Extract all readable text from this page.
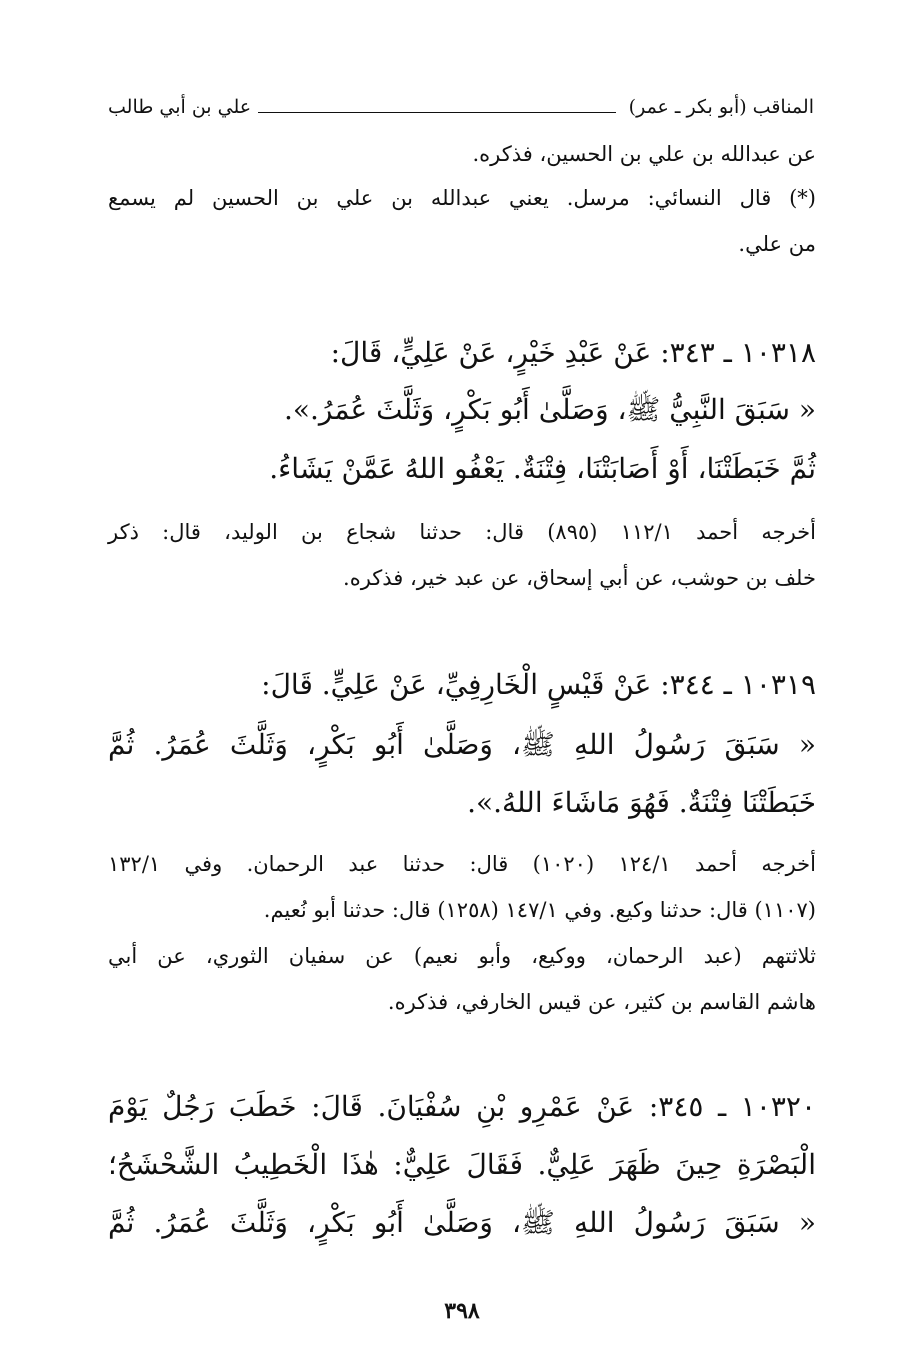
المناقب (أبو بكر ـ عمر)
علي بن أبي طالب
عن عبدالله بن علي بن الحسين، فذكره.
(*) قال النسائي: مرسل. يعني عبدالله بن علي بن الحسين لم يسمع
من علي.
١٠٣١٨ ـ ٣٤٣: عَنْ عَبْدِ خَيْرٍ، عَنْ عَلِيٍّ، قَالَ:
« سَبَقَ النَّبِيُّ ﷺ، وَصَلَّىٰ أَبُو بَكْرٍ، وَثَلَّثَ عُمَرُ.».
ثُمَّ خَبَطَتْنَا، أَوْ أَصَابَتْنَا، فِتْنَةٌ. يَعْفُو اللهُ عَمَّنْ يَشَاءُ.
أخرجه أحمد ١١٢/١ (٨٩٥) قال: حدثنا شجاع بن الوليد، قال: ذكر
خلف بن حوشب، عن أبي إسحاق، عن عبد خير، فذكره.
١٠٣١٩ ـ ٣٤٤: عَنْ قَيْسٍ الْخَارِفِيِّ، عَنْ عَلِيٍّ. قَالَ:
« سَبَقَ رَسُولُ اللهِ ﷺ، وَصَلَّىٰ أَبُو بَكْرٍ، وَثَلَّثَ عُمَرُ. ثُمَّ
خَبَطَتْنَا فِتْنَةٌ. فَهُوَ مَاشَاءَ اللهُ.».
أخرجه أحمد ١٢٤/١ (١٠٢٠) قال: حدثنا عبد الرحمان. وفي ١٣٢/١
(١١٠٧) قال: حدثنا وكيع. وفي ١٤٧/١ (١٢٥٨) قال: حدثنا أبو نُعيم.
ثلاثتهم (عبد الرحمان، ووكيع، وأبو نعيم) عن سفيان الثوري، عن أبي
هاشم القاسم بن كثير، عن قيس الخارفي، فذكره.
١٠٣٢٠ ـ ٣٤٥: عَنْ عَمْرِو بْنِ سُفْيَانَ. قَالَ: خَطَبَ رَجُلٌ يَوْمَ
الْبَصْرَةِ حِينَ ظَهَرَ عَلِيٌّ. فَقَالَ عَلِيٌّ: هٰذَا الْخَطِيبُ الشَّحْشَحُ؛
« سَبَقَ رَسُولُ اللهِ ﷺ، وَصَلَّىٰ أَبُو بَكْرٍ، وَثَلَّثَ عُمَرُ. ثُمَّ
٣٩٨
